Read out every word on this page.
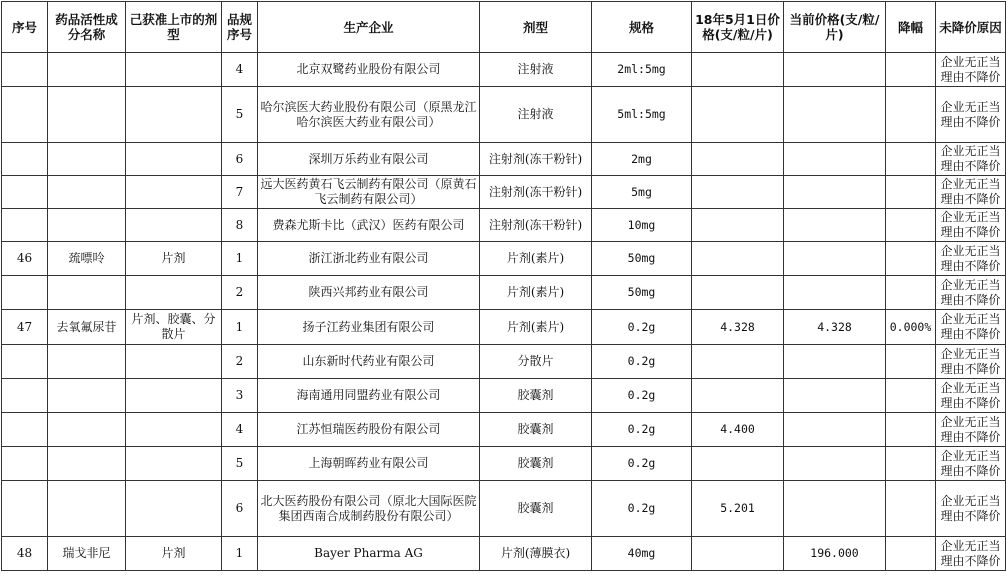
序号	药品活性成分名称	己获准上市的剂型	品规序号	生产企业	剂型	规格	18年5月1日价格(支/粒/片)	当前价格(支/粒/片)	降幅	未降价原因
			4	北京双鹭药业股份有限公司	注射液	2ml:5mg				企业无正当理由不降价
			5	哈尔滨医大药业股份有限公司（原黑龙江哈尔滨医大药业有限公司）	注射液	5ml:5mg				企业无正当理由不降价
			6	深圳万乐药业有限公司	注射剂(冻干粉针)	2mg				企业无正当理由不降价
			7	远大医药黄石飞云制药有限公司（原黄石飞云制药有限公司）	注射剂(冻干粉针)	5mg				企业无正当理由不降价
			8	费森尤斯卡比（武汉）医药有限公司	注射剂(冻干粉针)	10mg				企业无正当理由不降价
46	巯嘌呤	片剂	1	浙江浙北药业有限公司	片剂(素片)	50mg				企业无正当理由不降价
			2	陕西兴邦药业有限公司	片剂(素片)	50mg				企业无正当理由不降价
47	去氧氟尿苷	片剂、胶囊、分散片	1	扬子江药业集团有限公司	片剂(素片)	0.2g	4.328	4.328	0.000%	企业无正当理由不降价
			2	山东新时代药业有限公司	分散片	0.2g				企业无正当理由不降价
			3	海南通用同盟药业有限公司	胶囊剂	0.2g				企业无正当理由不降价
			4	江苏恒瑞医药股份有限公司	胶囊剂	0.2g	4.400			企业无正当理由不降价
			5	上海朝晖药业有限公司	胶囊剂	0.2g				企业无正当理由不降价
			6	北大医药股份有限公司（原北大国际医院集团西南合成制药股份有限公司）	胶囊剂	0.2g	5.201			企业无正当理由不降价
48	瑞戈非尼	片剂	1	Bayer Pharma AG	片剂(薄膜衣)	40mg		196.000		企业无正当理由不降价
